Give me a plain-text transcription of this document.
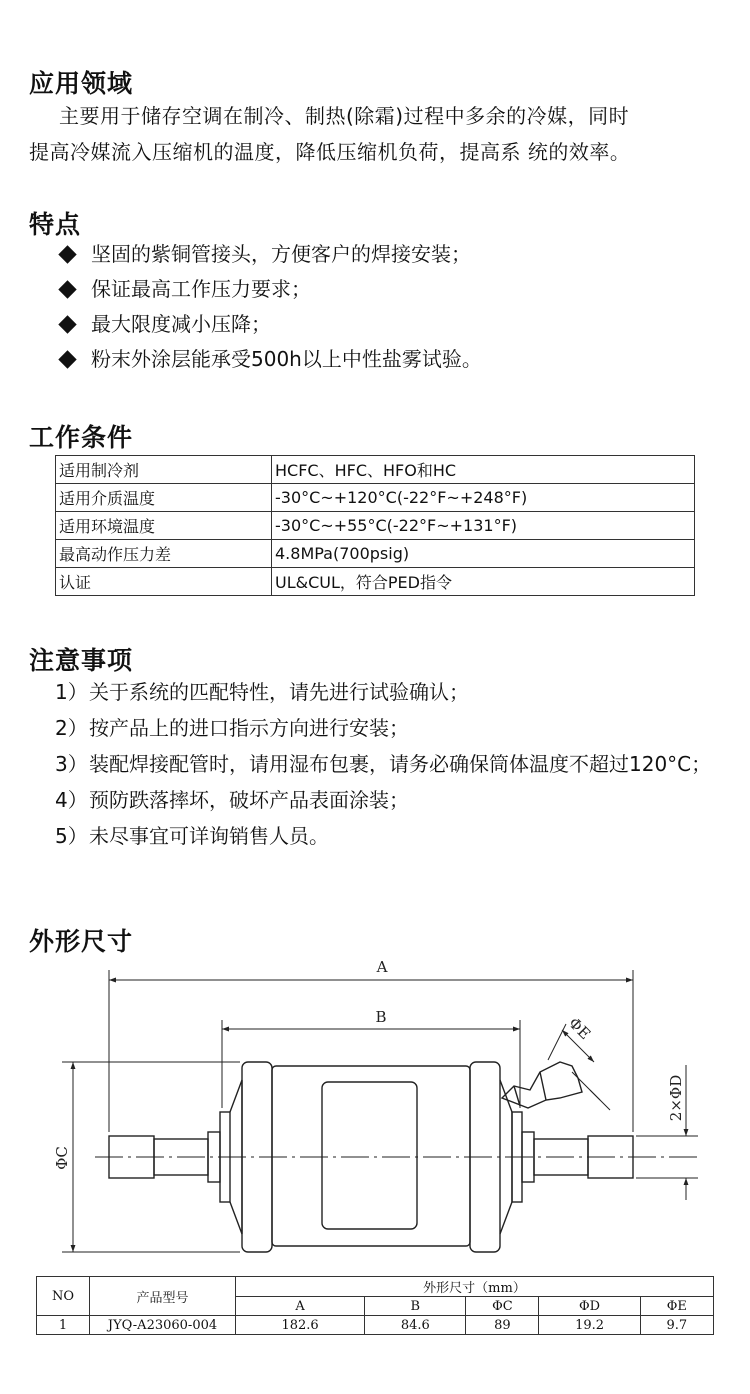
应用领域

主要用于储存空调在制冷、制热(除霜)过程中多余的冷媒，同时
提高冷媒流入压缩机的温度，降低压缩机负荷，提高系 统的效率。

特点
坚固的紫铜管接头，方便客户的焊接安装；
保证最高工作压力要求；
最大限度减小压降；
粉末外涂层能承受500h以上中性盐雾试验。
工作条件
适用制冷剂	HCFC、HFC、HFO和HC
适用介质温度	-30°C~+120°C(-22°F~+248°F)
适用环境温度	-30°C~+55°C(-22°F~+131°F)
最高动作压力差	4.8MPa(700psig)
认证	UL&CUL，符合PED指令
注意事项
1） 关于系统的匹配特性，请先进行试验确认；
2） 按产品上的进口指示方向进行安装；
3） 装配焊接配管时，请用湿布包裹，请务必确保筒体温度不超过120°C；
4） 预防跌落摔坏，破坏产品表面涂装；
5） 未尽事宜可详询销售人员。
外形尺寸
A
B
ΦC
2×ΦD
ΦE
NO	产品型号	外形尺寸（mm）				
		A	B	ΦC	ΦD	ΦE
1	JYQ-A23060-004	182.6	84.6	89	19.2	9.7
